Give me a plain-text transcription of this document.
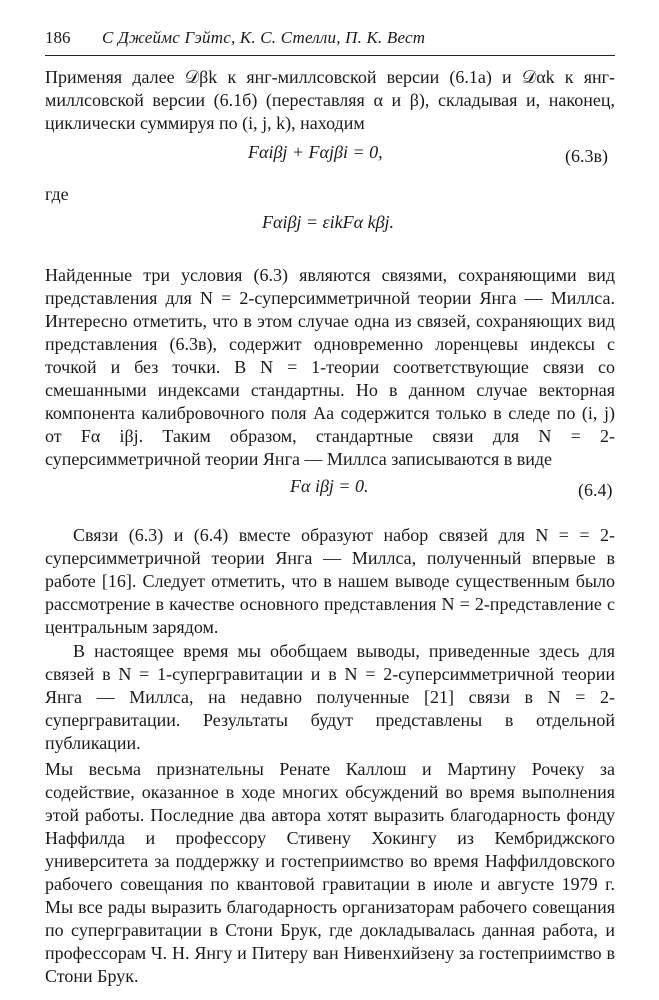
186 С Джеймс Гэйтс, К. С. Стелли, П. К. Вест

Применяя далее 𝒟βk к янг-миллсовской версии (6.1а) и 𝒟αk к янг-миллсовской версии (6.1б) (переставляя α и β), складывая и, наконец, циклически суммируя по (i, j, k), находим

Fαiβj + Fαjβi = 0,	(6.3в)
где
Fαiβj = εikFα kβj.

Найденные три условия (6.3) являются связями, сохраняющими вид представления для N = 2-суперсимметричной теории Янга — Миллса. Интересно отметить, что в этом случае одна из связей, сохраняющих вид представления (6.3в), содержит одновременно лоренцевы индексы с точкой и без точки. В N = 1-теории соответствующие связи со смешанными индексами стандартны. Но в данном случае векторная компонента калибровочного поля Aa содержится только в следе по (i, j) от Fα iβj. Таким образом, стандартные связи для N = 2-суперсимметричной теории Янга — Миллса записываются в виде

Fα iβj = 0.	(6.4)

Связи (6.3) и (6.4) вместе образуют набор связей для N = = 2-суперсимметричной теории Янга — Миллса, полученный впервые в работе [16]. Следует отметить, что в нашем выводе существенным было рассмотрение в качестве основного представления N = 2-представление с центральным зарядом.

В настоящее время мы обобщаем выводы, приведенные здесь для связей в N = 1-супергравитации и в N = 2-суперсимметричной теории Янга — Миллса, на недавно полученные [21] связи в N = 2-супергравитации. Результаты будут представлены в отдельной публикации.

Мы весьма признательны Ренате Каллош и Мартину Рочеку за содействие, оказанное в ходе многих обсуждений во время выполнения этой работы. Последние два автора хотят выразить благодарность фонду Наффилда и профессору Стивену Хокингу из Кембриджского университета за поддержку и гостеприимство во время Наффилдовского рабочего совещания по квантовой гравитации в июле и августе 1979 г. Мы все рады выразить благодарность организаторам рабочего совещания по супергравитации в Стони Брук, где докладывалась данная работа, и профессорам Ч. Н. Янгу и Питеру ван Нивенхийзену за гостеприимство в Стони Брук.
